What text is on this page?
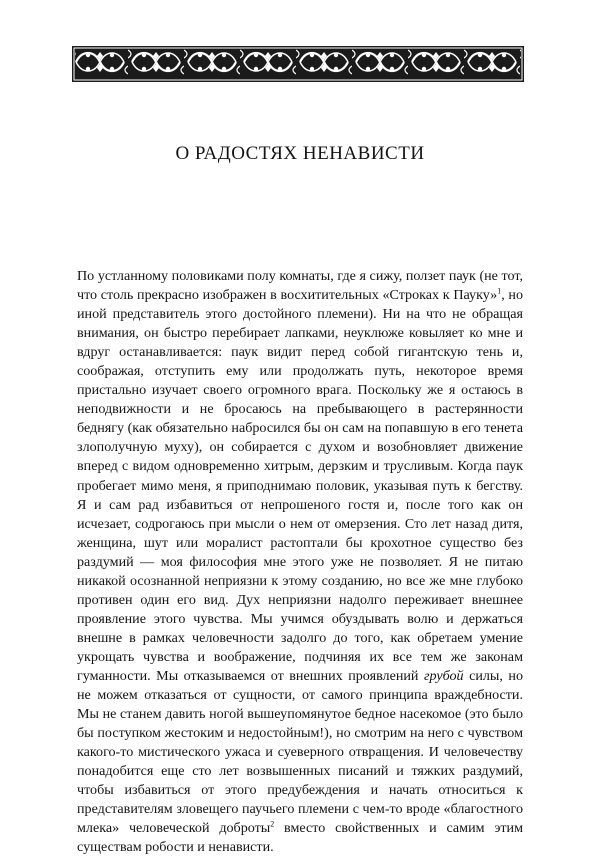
О РАДОСТЯХ НЕНАВИСТИ

По устланному половиками полу комнаты, где я сижу, ползет паук (не тот, что столь прекрасно изображен в восхитительных «Строках к Пауку»$^1$, но иной представитель этого достойного племени). Ни на что не обращая внимания, он быстро перебирает лапками, неуклюже ковыляет ко мне и вдруг останавливается: паук видит перед собой гигантскую тень и, соображая, отступить ему или продолжать путь, некоторое время пристально изучает своего огромного врага. Поскольку же я остаюсь в неподвижности и не бросаюсь на пребывающего в растерянности беднягу (как обязательно набросился бы он сам на попавшую в его тенета злополучную муху), он собирается с духом и возобновляет движение вперед с видом одновременно хитрым, дерзким и трусливым. Когда паук пробегает мимо меня, я приподнимаю половик, указывая путь к бегству. Я и сам рад избавиться от непрошеного гостя и, после того как он исчезает, содрогаюсь при мысли о нем от омерзения. Сто лет назад дитя, женщина, шут или моралист растоптали бы крохотное существо без раздумий — моя философия мне этого уже не позволяет. Я не питаю никакой осознанной неприязни к этому созданию, но все же мне глубоко противен один его вид. Дух неприязни надолго переживает внешнее проявление этого чувства. Мы учимся обуздывать волю и держаться внешне в рамках человечности задолго до того, как обретаем умение укрощать чувства и воображение, подчиняя их все тем же законам гуманности. Мы отказываемся от внешних проявлений грубой силы, но не можем отказаться от сущности, от самого принципа враждебности. Мы не станем давить ногой вышеупомянутое бедное насекомое (это было бы поступком жестоким и недостойным!), но смотрим на него с чувством какого-то мистического ужаса и суеверного отвращения. И человечеству понадобится еще сто лет возвышенных писаний и тяжких раздумий, чтобы избавиться от этого предубеждения и начать относиться к представителям зловещего паучьего племени с чем-то вроде «благостного млека» человеческой доброты$^2$ вместо свойственных и самим этим существам робости и ненависти.
